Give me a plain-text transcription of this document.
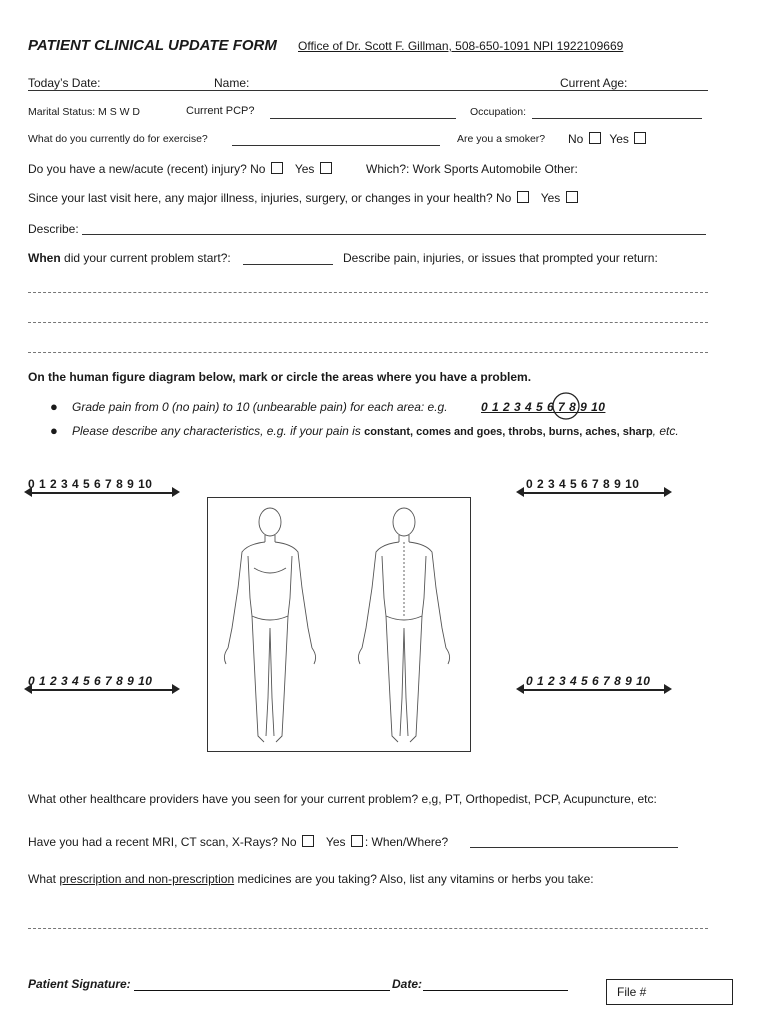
PATIENT CLINICAL UPDATE FORM Office of Dr. Scott F. Gillman, 508-650-1091 NPI 1922109669
Today’s Date:	Name:	Current Age:
Marital Status: M S W D	Current PCP?	Occupation:
What do you currently do for exercise?	Are you a smoker? No Yes
Do you have a new/acute (recent) injury? No Yes	Which?: Work Sports Automobile Other:
Since your last visit here, any major illness, injuries, surgery, or changes in your health? No Yes
Describe:
When did your current problem start?:	Describe pain, injuries, or issues that prompted your return:
On the human figure diagram below, mark or circle the areas where you have a problem.
● Grade pain from 0 (no pain) to 10 (unbearable pain) for each area: e.g.	0 1 2 3 4 5 6 7 8 9 10
● Please describe any characteristics, e.g. if your pain is constant, comes and goes, throbs, burns, aches, sharp, etc.
0 1 2 3 4 5 6 7 8 9 10	0 2 3 4 5 6 7 8 9 10
0 1 2 3 4 5 6 7 8 9 10	0 1 2 3 4 5 6 7 8 9 10
What other healthcare providers have you seen for your current problem? e,g, PT, Orthopedist, PCP, Acupuncture, etc:
Have you had a recent MRI, CT scan, X-Rays? No Yes : When/Where?
What prescription and non-prescription medicines are you taking? Also, list any vitamins or herbs you take:
Patient Signature:	Date:
File #
